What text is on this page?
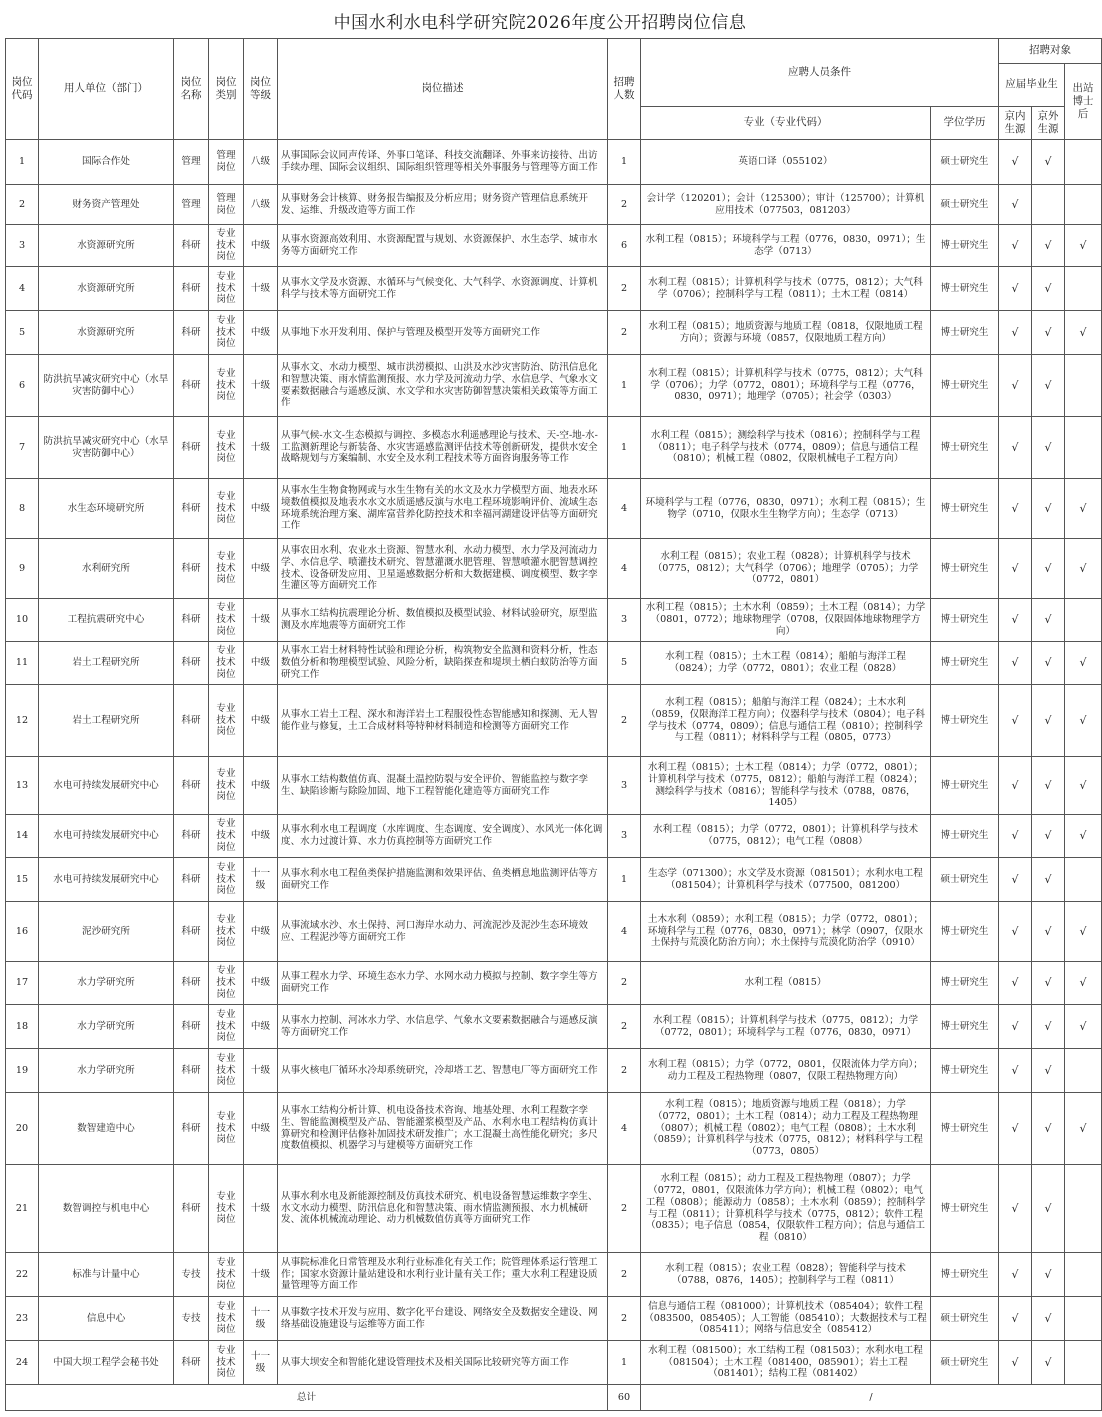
中国水利水电科学研究院2026年度公开招聘岗位信息
岗位代码	用人单位（部门）	岗位名称	岗位类别	岗位等级	岗位描述	招聘人数	应聘人员条件		招聘对象		
									应届毕业生		出站博士后
							专业（专业代码）	学位学历	京内生源	京外生源	
1	国际合作处	管理	管理岗位	八级	从事国际会议同声传译、外事口笔译、科技交流翻译、外事来访接待、出访手续办理、国际会议组织、国际组织管理等相关外事服务与管理等方面工作	1	英语口译（055102）	硕士研究生	√	√	
2	财务资产管理处	管理	管理岗位	八级	从事财务会计核算、财务报告编报及分析应用；财务资产管理信息系统开发、运维、升级改造等方面工作	2	会计学（120201）；会计（125300）；审计（125700）；计算机应用技术（077503，081203）	硕士研究生	√		
3	水资源研究所	科研	专业技术岗位	中级	从事水资源高效利用、水资源配置与规划、水资源保护、水生态学、城市水务等方面研究工作	6	水利工程（0815）；环境科学与工程（0776，0830，0971）；生态学（0713）	博士研究生	√	√	√
4	水资源研究所	科研	专业技术岗位	十级	从事水文学及水资源、水循环与气候变化、大气科学、水资源调度、计算机科学与技术等方面研究工作	2	水利工程（0815）；计算机科学与技术（0775，0812）；大气科学（0706）；控制科学与工程（0811）；土木工程（0814）	博士研究生	√	√	
5	水资源研究所	科研	专业技术岗位	中级	从事地下水开发利用、保护与管理及模型开发等方面研究工作	2	水利工程（0815）；地质资源与地质工程（0818，仅限地质工程方向）；资源与环境（0857，仅限地质工程方向）	博士研究生	√	√	√
6	防洪抗旱减灾研究中心（水旱灾害防御中心）	科研	专业技术岗位	十级	从事水文、水动力模型、城市洪涝模拟、山洪及水沙灾害防治、防汛信息化和智慧决策、雨水情监测预报、水力学及河流动力学、水信息学、气象水文要素数据融合与遥感反演、水文学和水灾害防御智慧决策相关政策等方面工作	1	水利工程（0815）；计算机科学与技术（0775，0812）；大气科学（0706）；力学（0772，0801）；环境科学与工程（0776，0830，0971）；地理学（0705）；社会学（0303）	博士研究生	√	√	
7	防洪抗旱减灾研究中心（水旱灾害防御中心）	科研	专业技术岗位	十级	从事气候-水文-生态模拟与调控、多模态水利遥感理论与技术、天-空-地-水-工监测新理论与新装备、水灾害遥感监测评估技术等创新研发，提供水安全战略规划与方案编制、水安全及水利工程技术等方面咨询服务等工作	1	水利工程（0815）；测绘科学与技术（0816）；控制科学与工程（0811）；电子科学与技术（0774，0809）；信息与通信工程（0810）；机械工程（0802，仅限机械电子工程方向）	博士研究生	√	√	
8	水生态环境研究所	科研	专业技术岗位	中级	从事水生生物食物网或与水生生物有关的水文及水力学模型方面、地表水环境数值模拟及地表水水文水质遥感反演与水电工程环境影响评价、流域生态环境系统治理方案、湖库富营养化防控技术和幸福河湖建设评估等方面研究工作	4	环境科学与工程（0776，0830，0971）；水利工程（0815）；生物学（0710，仅限水生生物学方向）；生态学（0713）	博士研究生	√	√	√
9	水利研究所	科研	专业技术岗位	中级	从事农田水利、农业水土资源、智慧水利、水动力模型、水力学及河流动力学、水信息学、喷灌技术研究、智慧灌溉水肥管理、智慧喷灌水肥智慧调控技术、设备研发应用、卫星遥感数据分析和大数据建模、调度模型、数字孪生灌区等方面研究工作	4	水利工程（0815）；农业工程（0828）；计算机科学与技术（0775，0812）；大气科学（0706）；地理学（0705）；力学（0772，0801）	博士研究生	√	√	√
10	工程抗震研究中心	科研	专业技术岗位	十级	从事水工结构抗震理论分析、数值模拟及模型试验、材料试验研究，原型监测及水库地震等方面研究工作	3	水利工程（0815）；土木水利（0859）；土木工程（0814）；力学（0801，0772）；地球物理学（0708，仅限固体地球物理学方向）	博士研究生	√	√	
11	岩土工程研究所	科研	专业技术岗位	中级	从事水工岩土材料特性试验和理论分析，构筑物安全监测和资料分析，性态数值分析和物理模型试验、风险分析，缺陷探查和堤坝土栖白蚁防治等方面研究工作	5	水利工程（0815）；土木工程（0814）；船舶与海洋工程（0824）；力学（0772，0801）；农业工程（0828）	博士研究生	√	√	√
12	岩土工程研究所	科研	专业技术岗位	中级	从事水工岩土工程、深水和海洋岩土工程服役性态智能感知和探测、无人智能作业与修复，土工合成材料等特种材料制造和检测等方面研究工作	2	水利工程（0815）；船舶与海洋工程（0824）；土木水利（0859，仅限海洋工程方向）；仪器科学与技术（0804）；电子科学与技术（0774，0809）；信息与通信工程（0810）；控制科学与工程（0811）；材料科学与工程（0805，0773）	博士研究生	√	√	√
13	水电可持续发展研究中心	科研	专业技术岗位	中级	从事水工结构数值仿真、混凝土温控防裂与安全评价、智能监控与数字孪生、缺陷诊断与除险加固、地下工程智能化建造等方面研究工作	3	水利工程（0815）；土木工程（0814）；力学（0772，0801）；计算机科学与技术（0775，0812）；船舶与海洋工程（0824）；测绘科学与技术（0816）；智能科学与技术（0788，0876，1405）	博士研究生	√	√	√
14	水电可持续发展研究中心	科研	专业技术岗位	中级	从事水利水电工程调度（水库调度、生态调度、安全调度）、水风光一体化调度、水力过渡计算、水力仿真控制等方面研究工作	3	水利工程（0815）；力学（0772，0801）；计算机科学与技术（0775，0812）；电气工程（0808）	博士研究生	√	√	√
15	水电可持续发展研究中心	科研	专业技术岗位	十一级	从事水利水电工程鱼类保护措施监测和效果评估、鱼类栖息地监测评估等方面研究工作	1	生态学（071300）；水文学及水资源（081501）；水利水电工程（081504）；计算机科学与技术（077500，081200）	硕士研究生	√	√	
16	泥沙研究所	科研	专业技术岗位	中级	从事流域水沙、水土保持、河口海岸水动力、河流泥沙及泥沙生态环境效应、工程泥沙等方面研究工作	4	土木水利（0859）；水利工程（0815）；力学（0772，0801）；环境科学与工程（0776，0830，0971）；林学（0907，仅限水土保持与荒漠化防治方向）；水土保持与荒漠化防治学（0910）	博士研究生	√	√	√
17	水力学研究所	科研	专业技术岗位	中级	从事工程水力学、环境生态水力学、水网水动力模拟与控制、数字孪生等方面研究工作	2	水利工程（0815）	博士研究生	√	√	√
18	水力学研究所	科研	专业技术岗位	中级	从事水力控制、河冰水力学、水信息学、气象水文要素数据融合与遥感反演等方面研究工作	2	水利工程（0815）；计算机科学与技术（0775，0812）；力学（0772，0801）；环境科学与工程（0776，0830，0971）	博士研究生	√	√	√
19	水力学研究所	科研	专业技术岗位	十级	从事火核电厂循环水冷却系统研究，冷却塔工艺、智慧电厂等方面研究工作	2	水利工程（0815）；力学（0772，0801，仅限流体力学方向）；动力工程及工程热物理（0807，仅限工程热物理方向）	博士研究生	√	√	
20	数智建造中心	科研	专业技术岗位	中级	从事水工结构分析计算、机电设备技术咨询、地基处理、水利工程数字孪生、智能监测模型及产品、智能灌浆模型及产品、水利水电工程结构仿真计算研究和检测评估修补加固技术研发推广；水工混凝土高性能化研究；多尺度数值模拟、机器学习与建模等方面研究工作	4	水利工程（0815）；地质资源与地质工程（0818）；力学（0772，0801）；土木工程（0814）；动力工程及工程热物理（0807）；机械工程（0802）；电气工程（0808）；土木水利（0859）；计算机科学与技术（0775，0812）；材料科学与工程（0773，0805）	博士研究生	√	√	√
21	数智调控与机电中心	科研	专业技术岗位	十级	从事水利水电及新能源控制及仿真技术研究、机电设备智慧运维数字孪生、水文水动力模型、防汛信息化和智慧决策、雨水情监测预报、水力机械研发、流体机械流动理论、动力机械数值仿真等方面研究工作	2	水利工程（0815）；动力工程及工程热物理（0807）；力学（0772，0801，仅限流体力学方向）；机械工程（0802）；电气工程（0808）；能源动力（0858）；土木水利（0859）；控制科学与工程（0811）；计算机科学与技术（0775，0812）；软件工程（0835）；电子信息（0854，仅限软件工程方向）；信息与通信工程（0810）	博士研究生	√	√	
22	标准与计量中心	专技	专业技术岗位	十级	从事院标准化日常管理及水利行业标准化有关工作；院管理体系运行管理工作；国家水资源计量站建设和水利行业计量有关工作；重大水利工程建设质量管理等方面工作	2	水利工程（0815）；农业工程（0828）；智能科学与技术（0788，0876，1405）；控制科学与工程（0811）	博士研究生	√	√	
23	信息中心	专技	专业技术岗位	十一级	从事数字技术开发与应用、数字化平台建设、网络安全及数据安全建设、网络基础设施建设与运维等方面工作	2	信息与通信工程（081000）；计算机技术（085404）；软件工程（083500，085405）；人工智能（085410）；大数据技术与工程（085411）；网络与信息安全（085412）	硕士研究生	√	√	
24	中国大坝工程学会秘书处	科研	专业技术岗位	十一级	从事大坝安全和智能化建设管理技术及相关国际比较研究等方面工作	1	水利工程（081500）；水工结构工程（081503）；水利水电工程（081504）；土木工程（081400，085901）；岩土工程（081401）；结构工程（081402）	硕士研究生	√	√	
总计						60	/				
